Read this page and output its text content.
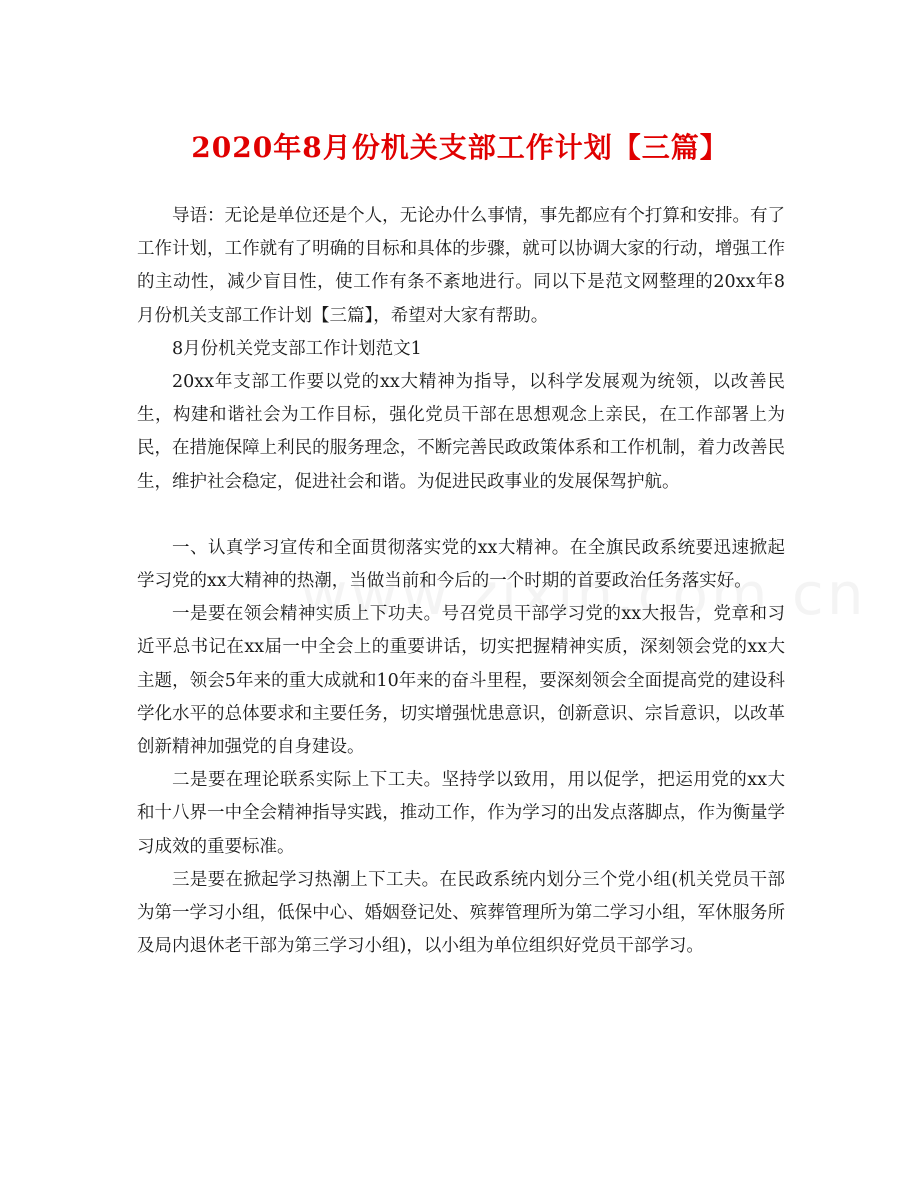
2020年8月份机关支部工作计划【三篇】

导语：无论是单位还是个人，无论办什么事情，事先都应有个打算和安排。有了工作计划，工作就有了明确的目标和具体的步骤，就可以协调大家的行动，增强工作的主动性，减少盲目性，使工作有条不紊地进行。同以下是范文网整理的20xx年8月份机关支部工作计划【三篇】，希望对大家有帮助。

8月份机关党支部工作计划范文1

20xx年支部工作要以党的xx大精神为指导，以科学发展观为统领，以改善民生，构建和谐社会为工作目标，强化党员干部在思想观念上亲民，在工作部署上为民，在措施保障上利民的服务理念，不断完善民政政策体系和工作机制，着力改善民生，维护社会稳定，促进社会和谐。为促进民政事业的发展保驾护航。

一、认真学习宣传和全面贯彻落实党的xx大精神。在全旗民政系统要迅速掀起学习党的xx大精神的热潮，当做当前和今后的一个时期的首要政治任务落实好。

一是要在领会精神实质上下功夫。号召党员干部学习党的xx大报告，党章和习近平总书记在xx届一中全会上的重要讲话，切实把握精神实质，深刻领会党的xx大主题，领会5年来的重大成就和10年来的奋斗里程，要深刻领会全面提高党的建设科学化水平的总体要求和主要任务，切实增强忧患意识，创新意识、宗旨意识，以改革创新精神加强党的自身建设。

二是要在理论联系实际上下工夫。坚持学以致用，用以促学，把运用党的xx大和十八界一中全会精神指导实践，推动工作，作为学习的出发点落脚点，作为衡量学习成效的重要标准。

三是要在掀起学习热潮上下工夫。在民政系统内划分三个党小组(机关党员干部为第一学习小组，低保中心、婚姻登记处、殡葬管理所为第二学习小组，军休服务所及局内退休老干部为第三学习小组)，以小组为单位组织好党员干部学习。
